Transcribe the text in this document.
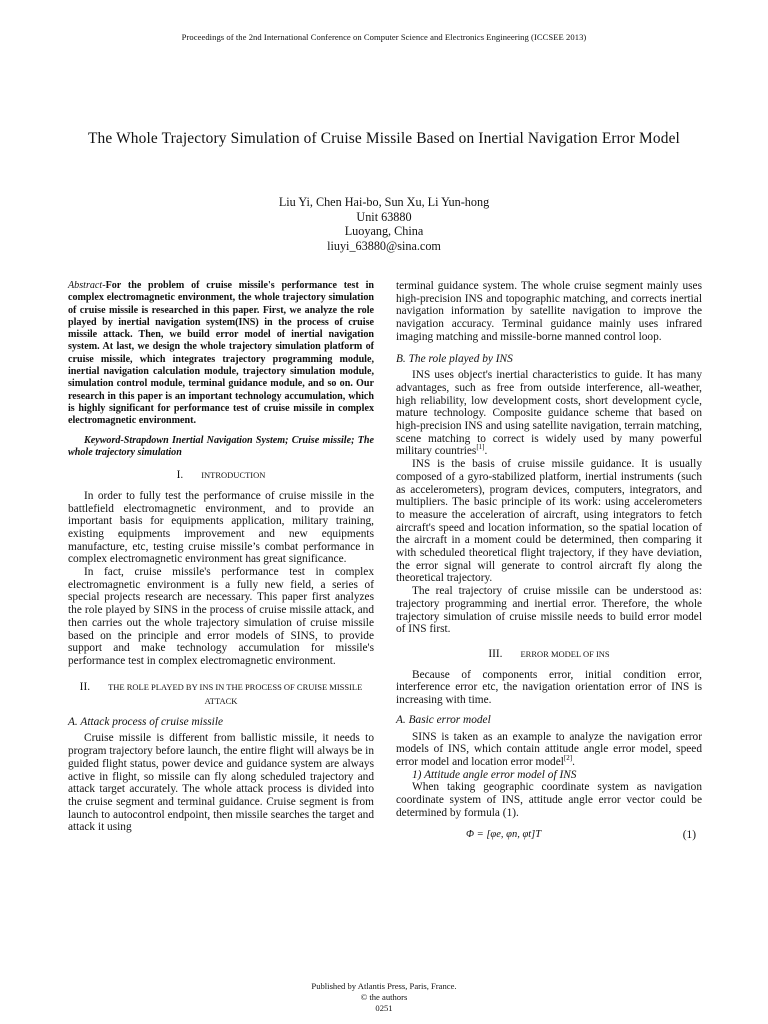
Proceedings of the 2nd International Conference on Computer Science and Electronics Engineering (ICCSEE 2013)
The Whole Trajectory Simulation of Cruise Missile Based on Inertial Navigation Error Model
Liu Yi, Chen Hai-bo, Sun Xu, Li Yun-hong
Unit 63880
Luoyang, China
liuyi_63880@sina.com

Abstract-For the problem of cruise missile's performance test in complex electromagnetic environment, the whole trajectory simulation of cruise missile is researched in this paper. First, we analyze the role played by inertial navigation system(INS) in the process of cruise missile attack. Then, we build error model of inertial navigation system. At last, we design the whole trajectory simulation platform of cruise missile, which integrates trajectory programming module, inertial navigation calculation module, trajectory simulation module, simulation control module, terminal guidance module, and so on. Our research in this paper is an important technology accumulation, which is highly significant for performance test of cruise missile in complex electromagnetic environment.

Keyword-Strapdown Inertial Navigation System; Cruise missile; The whole trajectory simulation

I. INTRODUCTION

In order to fully test the performance of cruise missile in the battlefield electromagnetic environment, and to provide an important basis for equipments application, military training, existing equipments improvement and new equipments manufacture, etc, testing cruise missile’s combat performance in complex electromagnetic environment has great significance.

In fact, cruise missile's performance test in complex electromagnetic environment is a fully new field, a series of special projects research are necessary. This paper first analyzes the role played by SINS in the process of cruise missile attack, and then carries out the whole trajectory simulation of cruise missile based on the principle and error models of SINS, to provide support and make technology accumulation for missile's performance test in complex electromagnetic environment.

II. THE ROLE PLAYED BY INS IN THE PROCESS OF CRUISE MISSILE ATTACK

A. Attack process of cruise missile

Cruise missile is different from ballistic missile, it needs to program trajectory before launch, the entire flight will always be in guided flight status, power device and guidance system are always active in flight, so missile can fly along scheduled trajectory and attack target accurately. The whole attack process is divided into the cruise segment and terminal guidance. Cruise segment is from launch to autocontrol endpoint, then missile searches the target and attack it using

terminal guidance system. The whole cruise segment mainly uses high-precision INS and topographic matching, and corrects inertial navigation information by satellite navigation to improve the navigation accuracy. Terminal guidance mainly uses infrared imaging matching and missile-borne manned control loop.

B. The role played by INS

INS uses object's inertial characteristics to guide. It has many advantages, such as free from outside interference, all-weather, high reliability, low development costs, short development cycle, mature technology. Composite guidance scheme that based on high-precision INS and using satellite navigation, terrain matching, scene matching to correct is widely used by many powerful military countries[1].

INS is the basis of cruise missile guidance. It is usually composed of a gyro-stabilized platform, inertial instruments (such as accelerometers), program devices, computers, integrators, and multipliers. The basic principle of its work: using accelerometers to measure the acceleration of aircraft, using integrators to fetch aircraft's speed and location information, so the spatial location of the aircraft in a moment could be determined, then comparing it with scheduled theoretical flight trajectory, if they have deviation, the error signal will generate to control aircraft fly along the theoretical trajectory.

The real trajectory of cruise missile can be understood as: trajectory programming and inertial error. Therefore, the whole trajectory simulation of cruise missile needs to build error model of INS first.

III. ERROR MODEL OF INS

Because of components error, initial condition error, interference error etc, the navigation orientation error of INS is increasing with time.

A. Basic error model

SINS is taken as an example to analyze the navigation error models of INS, which contain attitude angle error model, speed error model and location error model[2].

1) Attitude angle error model of INS

When taking geographic coordinate system as navigation coordinate system of INS, attitude angle error vector could be determined by formula (1).

Φ = [φe, φn, φt]T	(1)
Published by Atlantis Press, Paris, France.
© the authors
0251
